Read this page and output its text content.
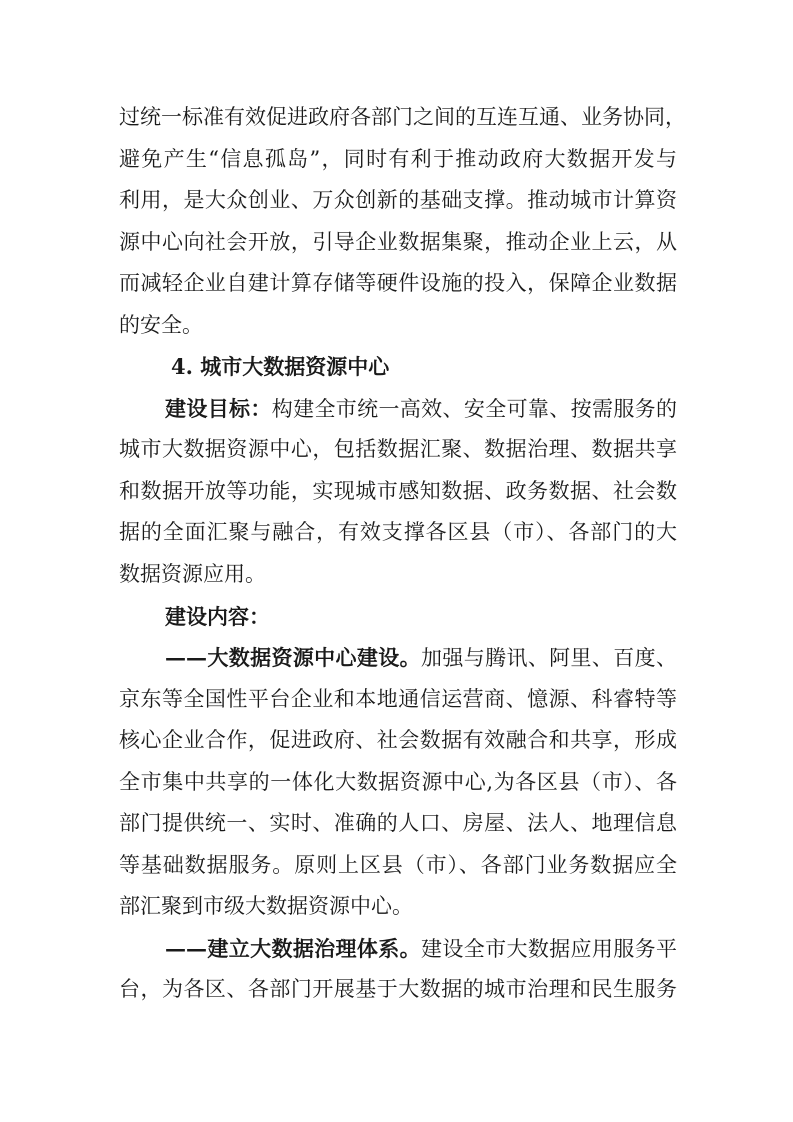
过统一标准有效促进政府各部门之间的互连互通、业务协同，
避免产生“信息孤岛”，同时有利于推动政府大数据开发与
利用，是大众创业、万众创新的基础支撑。推动城市计算资
源中心向社会开放，引导企业数据集聚，推动企业上云，从
而减轻企业自建计算存储等硬件设施的投入，保障企业数据
的安全。
4. 城市大数据资源中心
建设目标：构建全市统一高效、安全可靠、按需服务的
城市大数据资源中心，包括数据汇聚、数据治理、数据共享
和数据开放等功能，实现城市感知数据、政务数据、社会数
据的全面汇聚与融合，有效支撑各区县（市）、各部门的大
数据资源应用。
建设内容：
——大数据资源中心建设。加强与腾讯、阿里、百度、
京东等全国性平台企业和本地通信运营商、憶源、科睿特等
核心企业合作，促进政府、社会数据有效融合和共享，形成
全市集中共享的一体化大数据资源中心,为各区县（市）、各
部门提供统一、实时、准确的人口、房屋、法人、地理信息
等基础数据服务。原则上区县（市）、各部门业务数据应全
部汇聚到市级大数据资源中心。
——建立大数据治理体系。建设全市大数据应用服务平
台，为各区、各部门开展基于大数据的城市治理和民生服务
